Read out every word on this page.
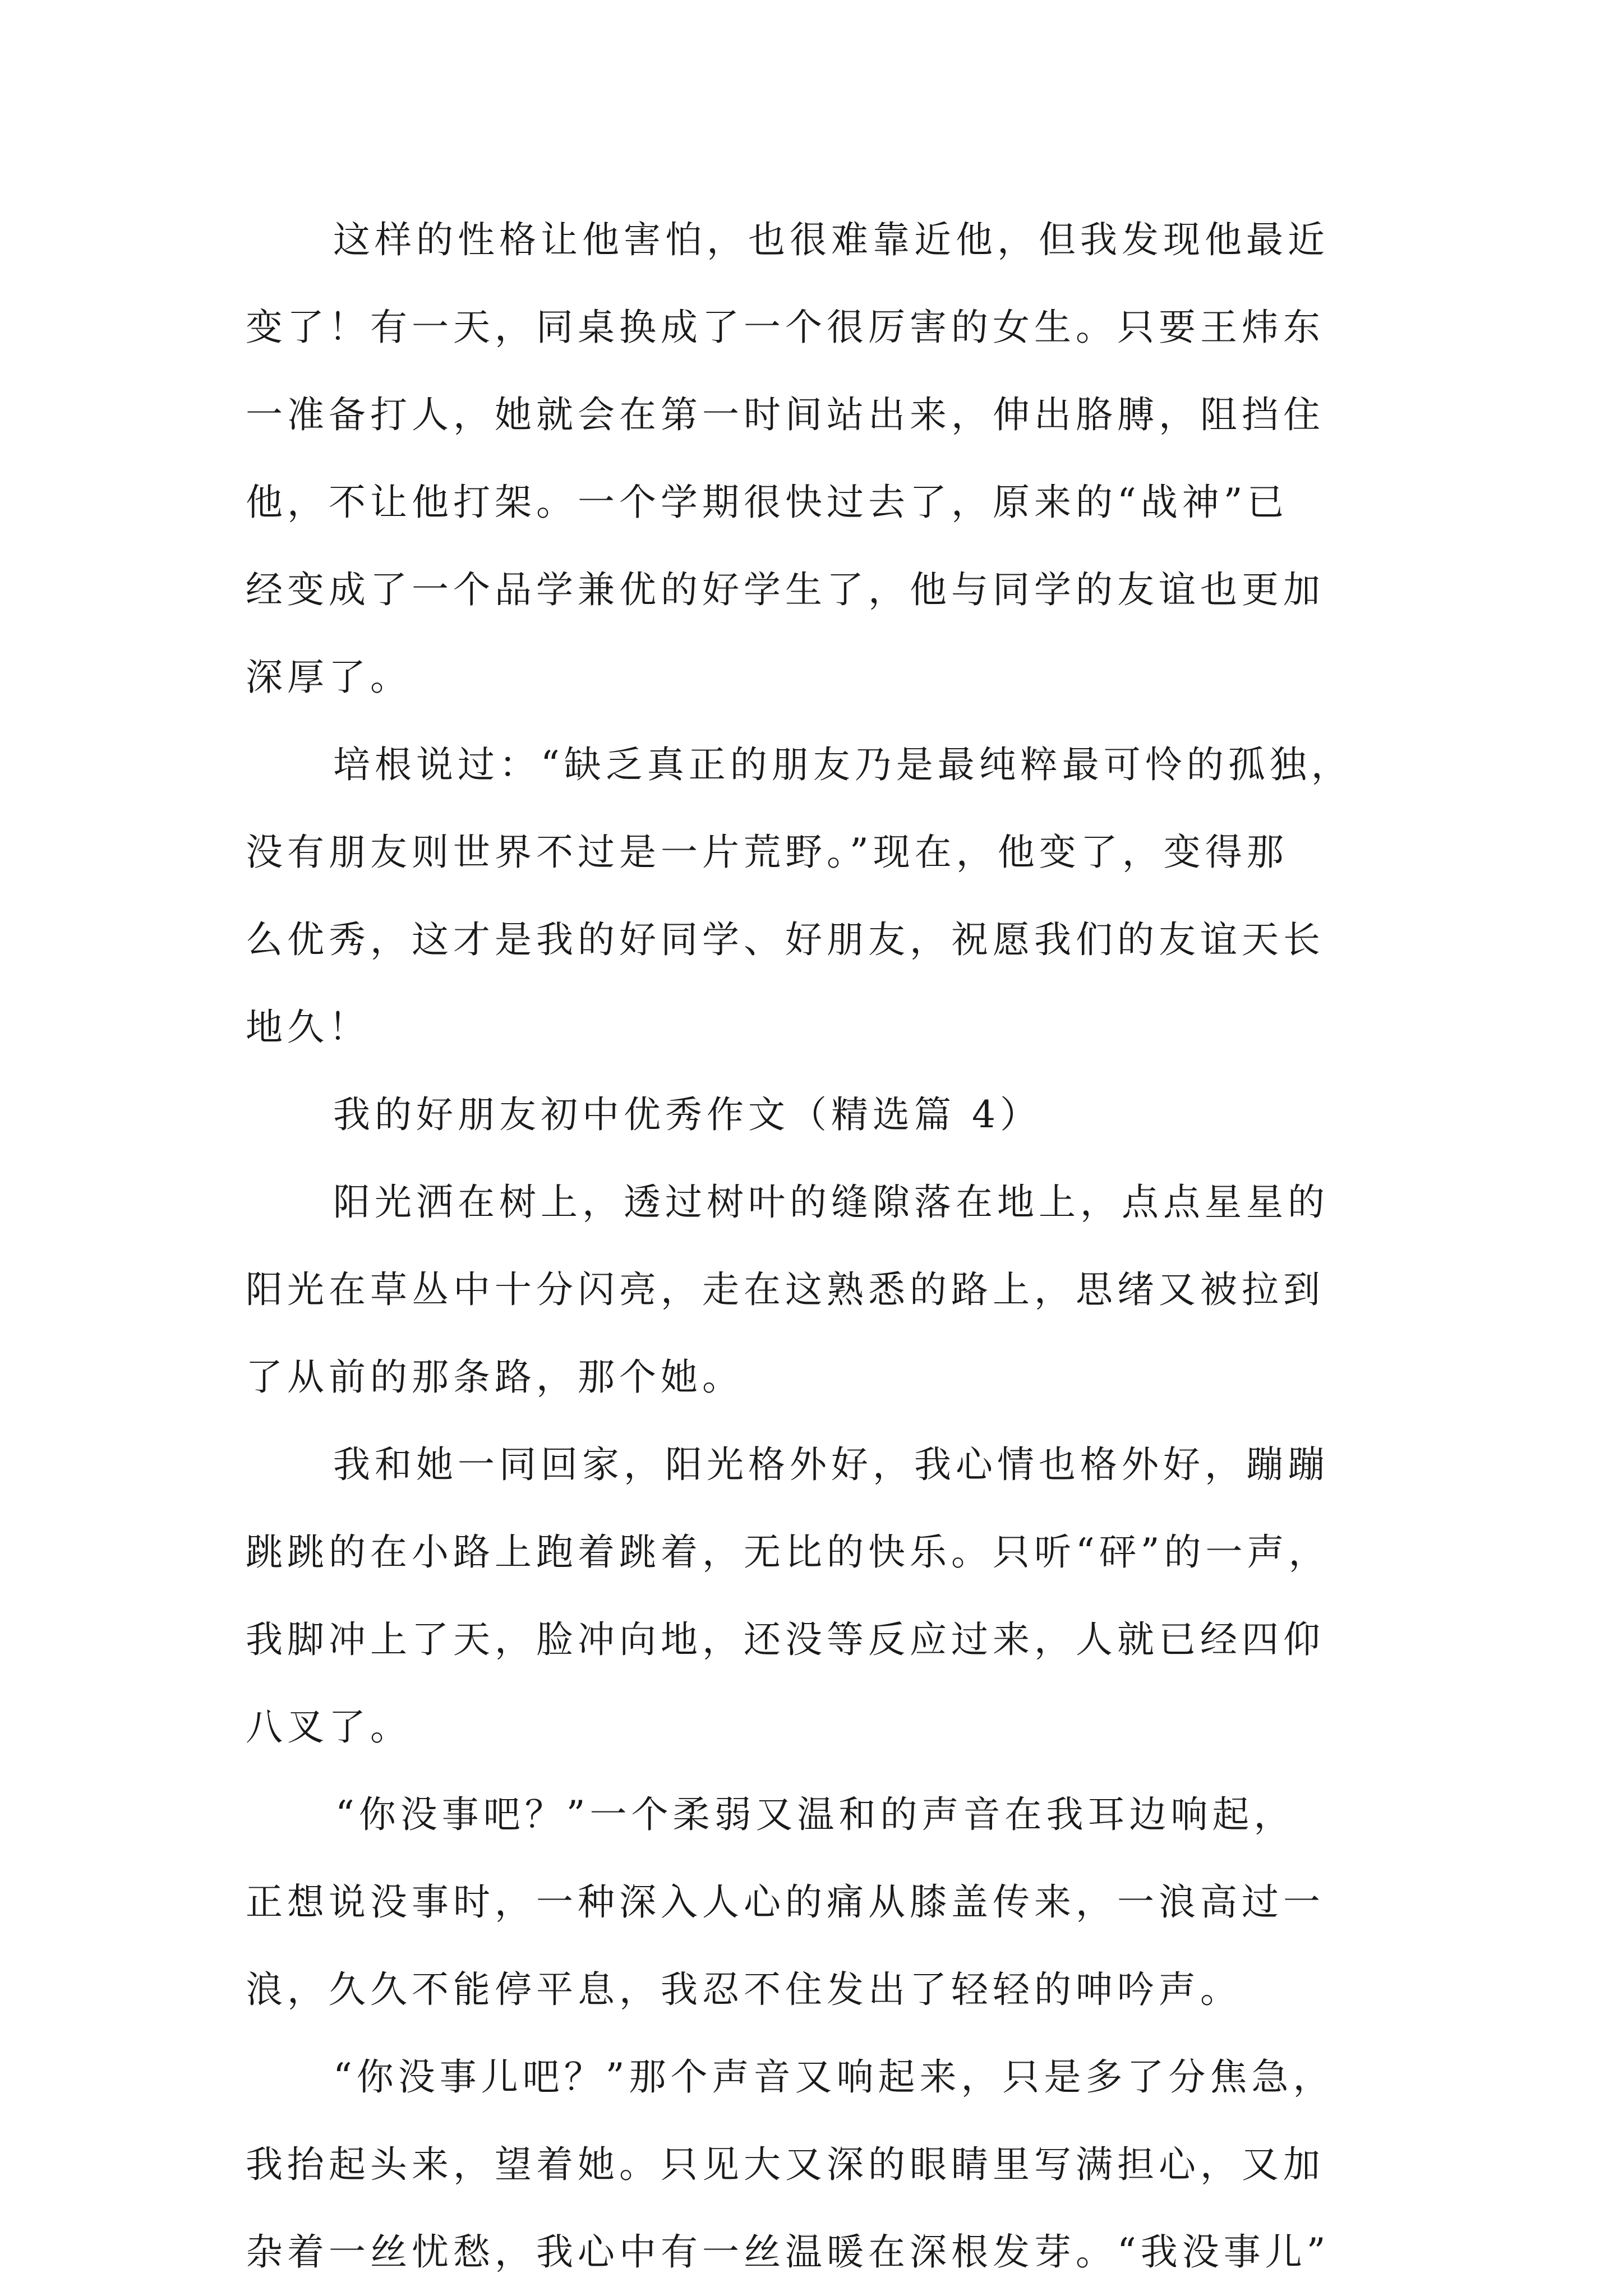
这样的性格让他害怕，也很难靠近他，但我发现他最近
变了！有一天，同桌换成了一个很厉害的女生。只要王炜东
一准备打人，她就会在第一时间站出来，伸出胳膊，阻挡住
他，不让他打架。一个学期很快过去了，原来的“战神”已
经变成了一个品学兼优的好学生了，他与同学的友谊也更加
深厚了。
培根说过：“缺乏真正的朋友乃是最纯粹最可怜的孤独，
没有朋友则世界不过是一片荒野。”现在，他变了，变得那
么优秀，这才是我的好同学、好朋友，祝愿我们的友谊天长
地久！
我的好朋友初中优秀作文（精选篇 4）
阳光洒在树上，透过树叶的缝隙落在地上，点点星星的
阳光在草丛中十分闪亮，走在这熟悉的路上，思绪又被拉到
了从前的那条路，那个她。
我和她一同回家，阳光格外好，我心情也格外好，蹦蹦
跳跳的在小路上跑着跳着，无比的快乐。只听“砰”的一声，
我脚冲上了天，脸冲向地，还没等反应过来，人就已经四仰
八叉了。
“你没事吧？”一个柔弱又温和的声音在我耳边响起，
正想说没事时，一种深入人心的痛从膝盖传来，一浪高过一
浪，久久不能停平息，我忍不住发出了轻轻的呻吟声。
“你没事儿吧？”那个声音又响起来，只是多了分焦急，
我抬起头来，望着她。只见大又深的眼睛里写满担心，又加
杂着一丝忧愁，我心中有一丝温暖在深根发芽。“我没事儿”
